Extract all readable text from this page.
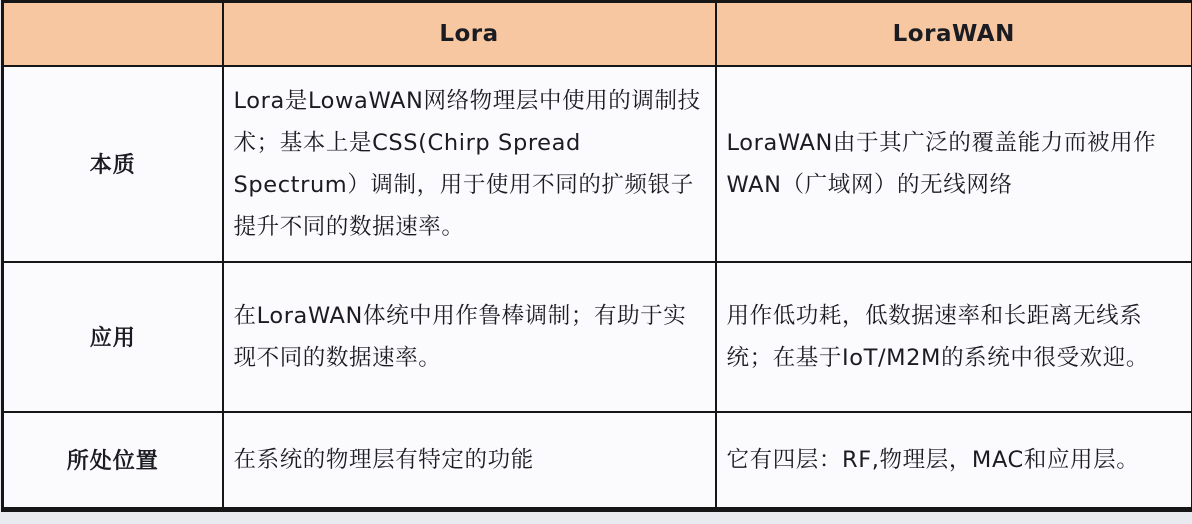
	Lora	LoraWAN
本质	Lora是LowaWAN网络物理层中使用的调制技术；基本上是CSS(Chirp Spread Spectrum）调制，用于使用不同的扩频银子提升不同的数据速率。	LoraWAN由于其广泛的覆盖能力而被用作WAN（广域网）的无线网络
应用	在LoraWAN体统中用作鲁棒调制；有助于实现不同的数据速率。	用作低功耗，低数据速率和长距离无线系统；在基于IoT/M2M的系统中很受欢迎。
所处位置	在系统的物理层有特定的功能	它有四层：RF,物理层，MAC和应用层。
